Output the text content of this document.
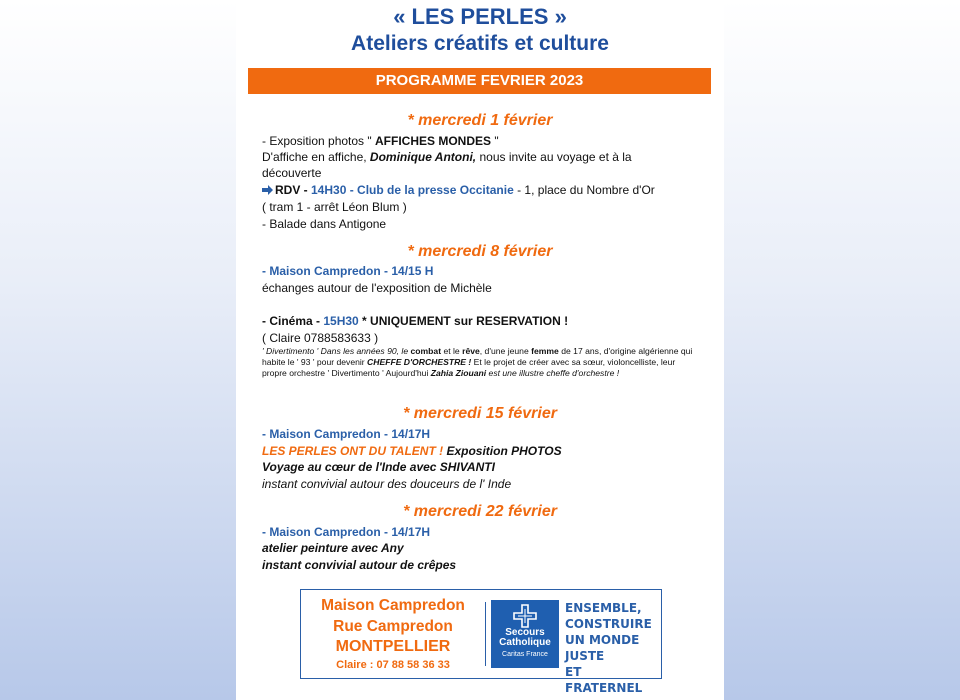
« LES PERLES »

Ateliers créatifs et culture

PROGRAMME FEVRIER 2023

* mercredi 1 février

- Exposition photos " AFFICHES MONDES "

D'affiche en affiche, Dominique Antoni, nous invite au voyage et à la

découverte

RDV - 14H30 - Club de la presse Occitanie - 1, place du Nombre d'Or

( tram 1 - arrêt Léon Blum )

- Balade dans Antigone

* mercredi 8 février

- Maison Campredon - 14/15 H

échanges autour de l'exposition de Michèle

- Cinéma - 15H30 * UNIQUEMENT sur RESERVATION !

( Claire 0788583633 )

' Divertimento ' Dans les années 90, le combat et le rêve, d'une jeune femme de 17 ans, d'origine algérienne qui habite le ' 93 ' pour devenir CHEFFE D'ORCHESTRE ! Et le projet de créer avec sa sœur, violoncelliste, leur propre orchestre ' Divertimento ' Aujourd'hui Zahia Ziouani est une illustre cheffe d'orchestre !

* mercredi 15 février

- Maison Campredon - 14/17H

LES PERLES ONT DU TALENT ! Exposition PHOTOS

Voyage au cœur de l'Inde avec SHIVANTI

instant convivial autour des douceurs de l' Inde

* mercredi 22 février

- Maison Campredon - 14/17H

atelier peinture avec Any

instant convivial autour de crêpes

Maison Campredon

Rue Campredon

MONTPELLIER

Claire : 07 88 58 36 33

Secours

Catholique

Caritas France

ENSEMBLE,
CONSTRUIRE
UN MONDE JUSTE
ET FRATERNEL
